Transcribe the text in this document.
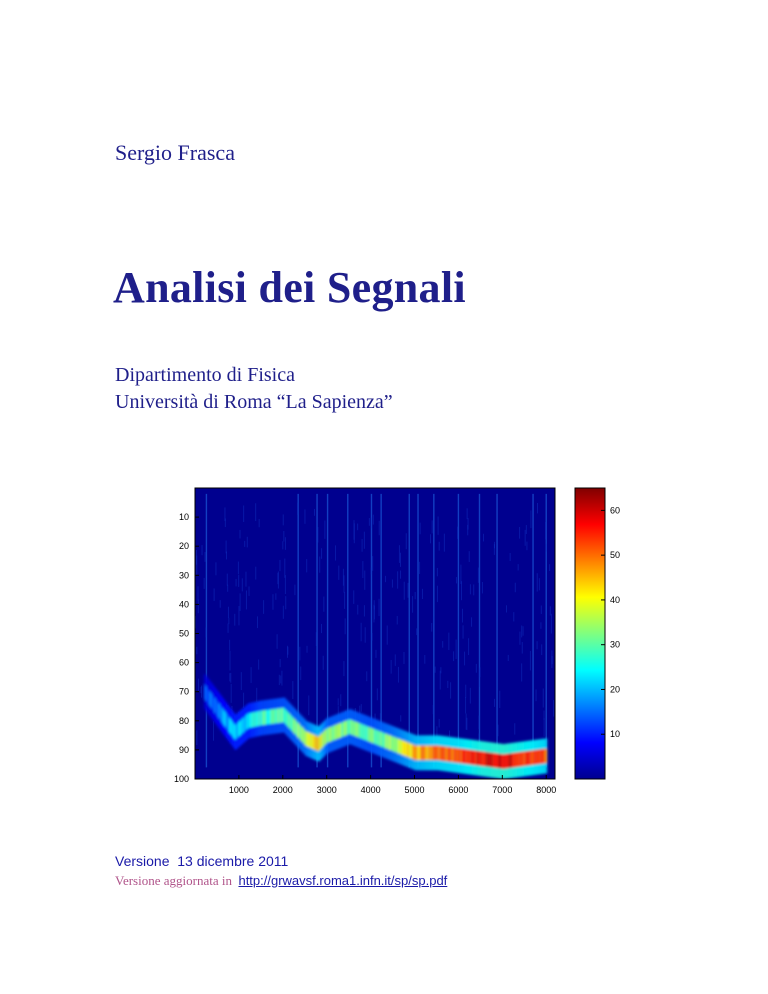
Sergio Frasca
Analisi dei Segnali
Dipartimento di Fisica
Università di Roma “La Sapienza”
1000	2000	3000	4000	5000	6000	7000	8000
10
20
30
40
50
60
70
80
90
100
10
20
30
40
50
60
Versione 13 dicembre 2011
Versione aggiornata in http://grwavsf.roma1.infn.it/sp/sp.pdf
